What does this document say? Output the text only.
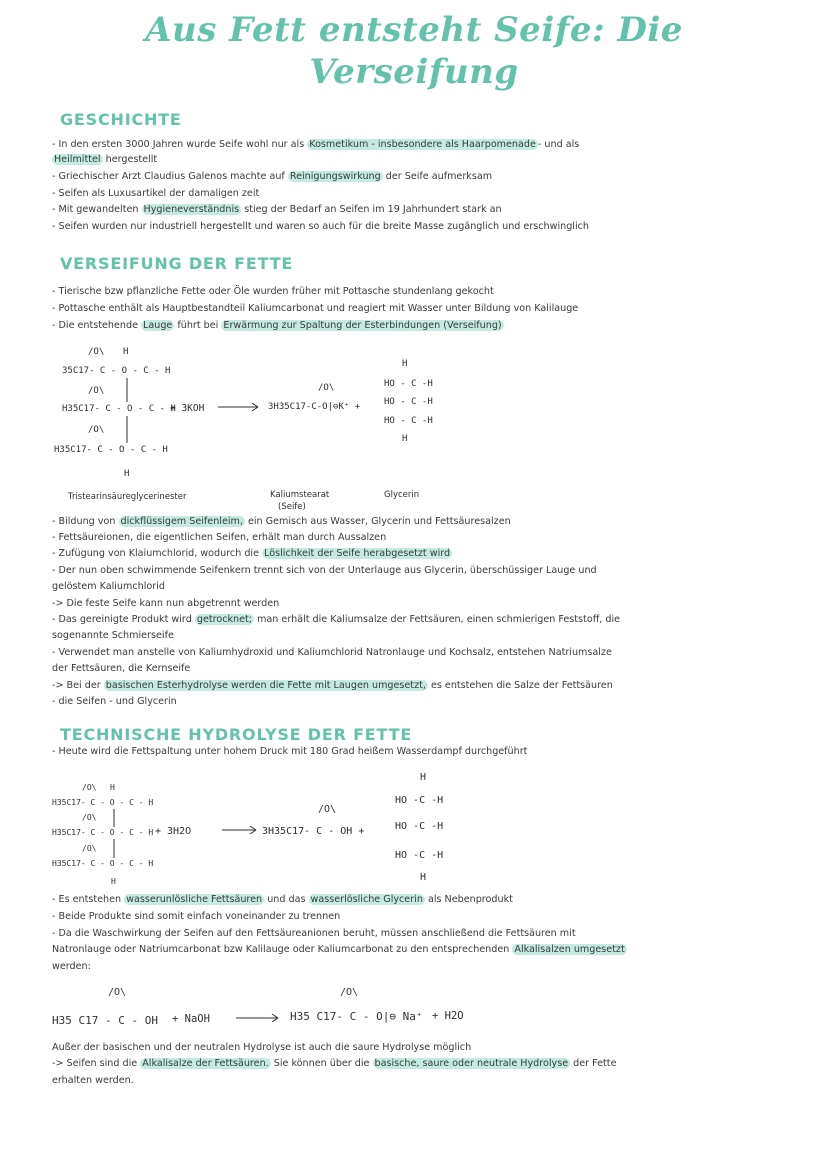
Aus Fett entsteht Seife: Die
Verseifung
GESCHICHTE
- In den ersten 3000 Jahren wurde Seife wohl nur als Kosmetikum - insbesondere als Haarpomenade - und als
Heilmittel hergestellt
- Griechischer Arzt Claudius Galenos machte auf Reinigungswirkung der Seife aufmerksam
- Seifen als Luxusartikel der damaligen zeit
- Mit gewandelten Hygieneverständnis stieg der Bedarf an Seifen im 19 Jahrhundert stark an
- Seifen wurden nur industriell hergestellt und waren so auch für die breite Masse zugänglich und erschwinglich
VERSEIFUNG DER FETTE
- Tierische bzw pflanzliche Fette oder Öle wurden früher mit Pottasche stundenlang gekocht
- Pottasche enthält als Hauptbestandteil Kaliumcarbonat und reagiert mit Wasser unter Bildung von Kalilauge
- Die entstehende Lauge führt bei Erwärmung zur Spaltung der Esterbindungen (Verseifung)
/O\ H
35C17- C - O - C - H
/O\
H35C17- C - O - C - H
/O\
H35C17- C - O - C - H
H
+ 3KOH
/O\
3H35C17-C-O|⊖K⁺ +
H
HO - C -H
HO - C -H
HO - C -H
H
Tristearinsäureglycerinester	Kaliumstearat
(Seife)
Glycerin
- Bildung von dickflüssigem Seifenleim, ein Gemisch aus Wasser, Glycerin und Fettsäuresalzen
- Fettsäureionen, die eigentlichen Seifen, erhält man durch Aussalzen
- Zufügung von Klaiumchlorid, wodurch die Löslichkeit der Seife herabgesetzt wird
- Der nun oben schwimmende Seifenkern trennt sich von der Unterlauge aus Glycerin, überschüssiger Lauge und
gelöstem Kaliumchlorid
-> Die feste Seife kann nun abgetrennt werden
- Das gereinigte Produkt wird getrocknet; man erhält die Kaliumsalze der Fettsäuren, einen schmierigen Feststoff, die
sogenannte Schmierseife
- Verwendet man anstelle von Kaliumhydroxid und Kaliumchlorid Natronlauge und Kochsalz, entstehen Natriumsalze
der Fettsäuren, die Kernseife
-> Bei der basischen Esterhydrolyse werden die Fette mit Laugen umgesetzt, es entstehen die Salze der Fettsäuren
- die Seifen - und Glycerin
TECHNISCHE HYDROLYSE DER FETTE
- Heute wird die Fettspaltung unter hohem Druck mit 180 Grad heißem Wasserdampf durchgeführt
/O\ H
H35C17- C - O - C - H
/O\
H35C17- C - O - C - H
/O\
H35C17- C - O - C - H
H
+ 3H2O
/O\
3H35C17- C - OH +
H
HO -C -H
HO -C -H
HO -C -H
H
- Es entstehen wasserunlösliche Fettsäuren und das wasserlösliche Glycerin als Nebenprodukt
- Beide Produkte sind somit einfach voneinander zu trennen
- Da die Waschwirkung der Seifen auf den Fettsäureanionen beruht, müssen anschließend die Fettsäuren mit
Natronlauge oder Natriumcarbonat bzw Kalilauge oder Kaliumcarbonat zu den entsprechenden Alkalisalzen umgesetzt
werden:
/O\
H35 C17 - C - OH + NaOH
/O\
H35 C17- C - O|⊖ Na⁺ + H2O
Außer der basischen und der neutralen Hydrolyse ist auch die saure Hydrolyse möglich
-> Seifen sind die Alkalisalze der Fettsäuren. Sie können über die basische, saure oder neutrale Hydrolyse der Fette
erhalten werden.
